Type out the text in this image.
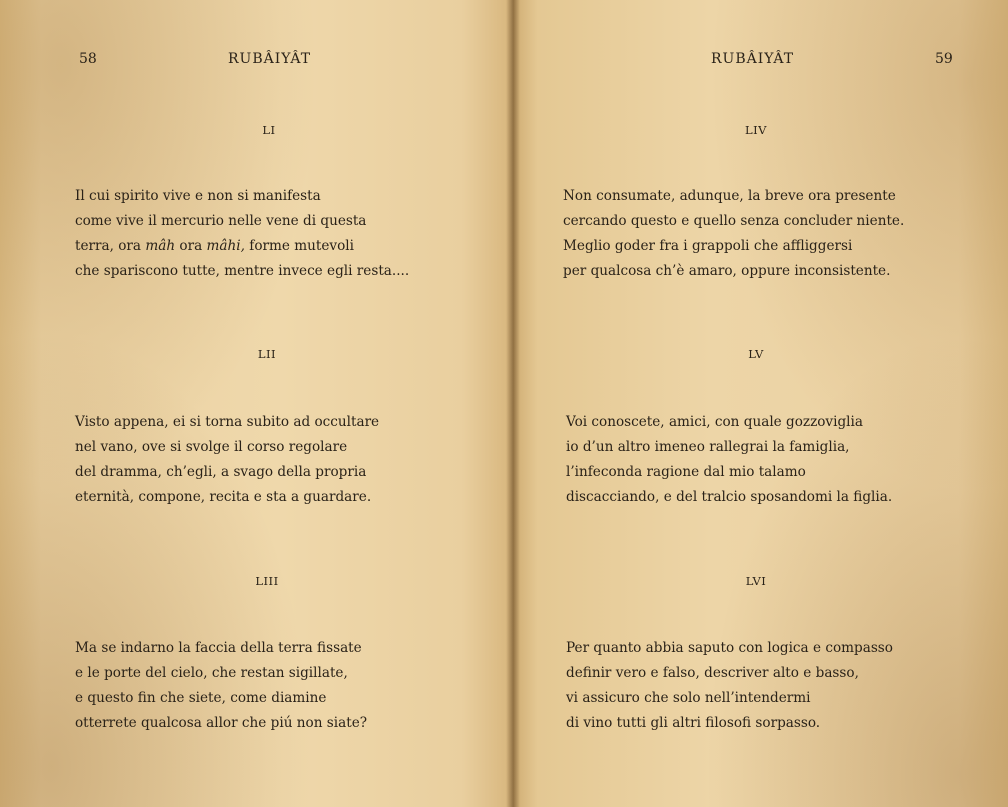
58	RUBÂIYÂT
LI
Il cui spirito vive e non si manifesta
come vive il mercurio nelle vene di questa
terra, ora mâh ora mâhi, forme mutevoli
che spariscono tutte, mentre invece egli resta....
LII
Visto appena, ei si torna subito ad occultare
nel vano, ove si svolge il corso regolare
del dramma, ch’egli, a svago della propria
eternità, compone, recita e sta a guardare.
LIII
Ma se indarno la faccia della terra fissate
e le porte del cielo, che restan sigillate,
e questo fin che siete, come diamine
otterrete qualcosa allor che piú non siate?
RUBÂIYÂT	59
LIV
Non consumate, adunque, la breve ora presente
cercando questo e quello senza concluder niente.
Meglio goder fra i grappoli che affliggersi
per qualcosa ch’è amaro, oppure inconsistente.
LV
Voi conoscete, amici, con quale gozzoviglia
io d’un altro imeneo rallegrai la famiglia,
l’infeconda ragione dal mio talamo
discacciando, e del tralcio sposandomi la figlia.
LVI
Per quanto abbia saputo con logica e compasso
definir vero e falso, descriver alto e basso,
vi assicuro che solo nell’intendermi
di vino tutti gli altri filosofi sorpasso.
